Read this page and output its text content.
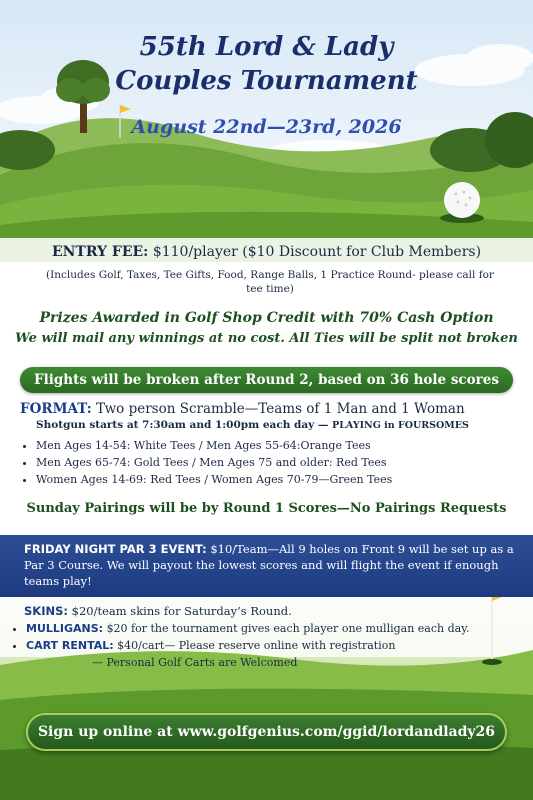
55th Lord & Lady
Couples Tournament
August 22nd—23rd, 2026
ENTRY FEE: $110/player ($10 Discount for Club Members)
(Includes Golf, Taxes, Tee Gifts, Food, Range Balls, 1 Practice Round- please call for tee time)
Prizes Awarded in Golf Shop Credit with 70% Cash Option
We will mail any winnings at no cost. All Ties will be split not broken
Flights will be broken after Round 2, based on 36 hole scores
FORMAT: Two person Scramble—Teams of 1 Man and 1 Woman
Shotgun starts at 7:30am and 1:00pm each day — PLAYING in FOURSOMES
• Men Ages 14-54: White Tees / Men Ages 55-64:Orange Tees
• Men Ages 65-74: Gold Tees / Men Ages 75 and older: Red Tees
• Women Ages 14-69: Red Tees / Women Ages 70-79—Green Tees
Sunday Pairings will be by Round 1 Scores—No Pairings Requests
FRIDAY NIGHT PAR 3 EVENT: $10/Team—All 9 holes on Front 9 will be set up as a Par 3 Course. We will payout the lowest scores and will flight the event if enough teams play!
SKINS: $20/team skins for Saturday’s Round.
• MULLIGANS: $20 for the tournament gives each player one mulligan each day.
• CART RENTAL: $40/cart— Please reserve online with registration
— Personal Golf Carts are Welcomed
Sign up online at www.golfgenius.com/ggid/lordandlady26
